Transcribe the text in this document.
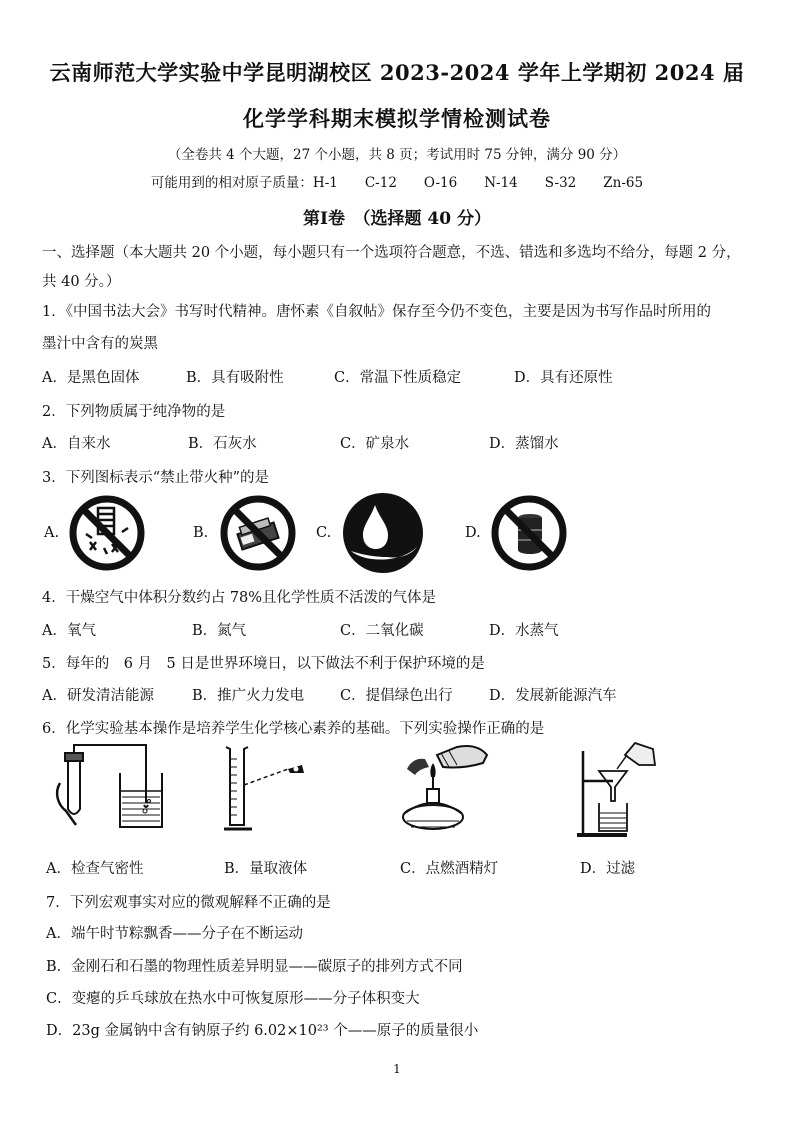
云南师范大学实验中学昆明湖校区 2023-2024 学年上学期初 2024 届
化学学科期末模拟学情检测试卷
（全卷共 4 个大题，27 个小题，共 8 页；考试用时 75 分钟，满分 90 分）
可能用到的相对原子质量：H-1　　C-12　　O-16　　N-14　　S-32　　Zn-65
第Ⅰ卷　（选择题 40 分）
一、选择题（本大题共 20 个小题，每小题只有一个选项符合题意，不选、错选和多选均不给分，每题 2 分，
共 40 分。）
1．《中国书法大会》书写时代精神。唐怀素《自叙帖》保存至今仍不变色，主要是因为书写作品时所用的
墨汁中含有的炭黑
A．是黑色固体	B．具有吸附性	C．常温下性质稳定	D．具有还原性
2．下列物质属于纯净物的是
A．自来水	B．石灰水	C．矿泉水	D．蒸馏水
3．下列图标表示“禁止带火种”的是
A.	B.	C.	D.
4．干燥空气中体积分数约占 78%且化学性质不活泼的气体是
A．氧气	B．氮气	C．二氧化碳	D．水蒸气
5．每年的　6 月　5 日是世界环境日，以下做法不利于保护环境的是
A．研发清洁能源	B．推广火力发电 C．提倡绿色出行	D．发展新能源汽车
6．化学实验基本操作是培养学生化学核心素养的基础。下列实验操作正确的是
A．检查气密性	B．量取液体	C．点燃酒精灯	D．过滤
7．下列宏观事实对应的微观解释不正确的是
A．端午时节粽飘香——分子在不断运动
B．金刚石和石墨的物理性质差异明显——碳原子的排列方式不同
C．变瘪的乒乓球放在热水中可恢复原形——分子体积变大
D．23g 金属钠中含有钠原子约 6.02×10²³ 个——原子的质量很小
1
